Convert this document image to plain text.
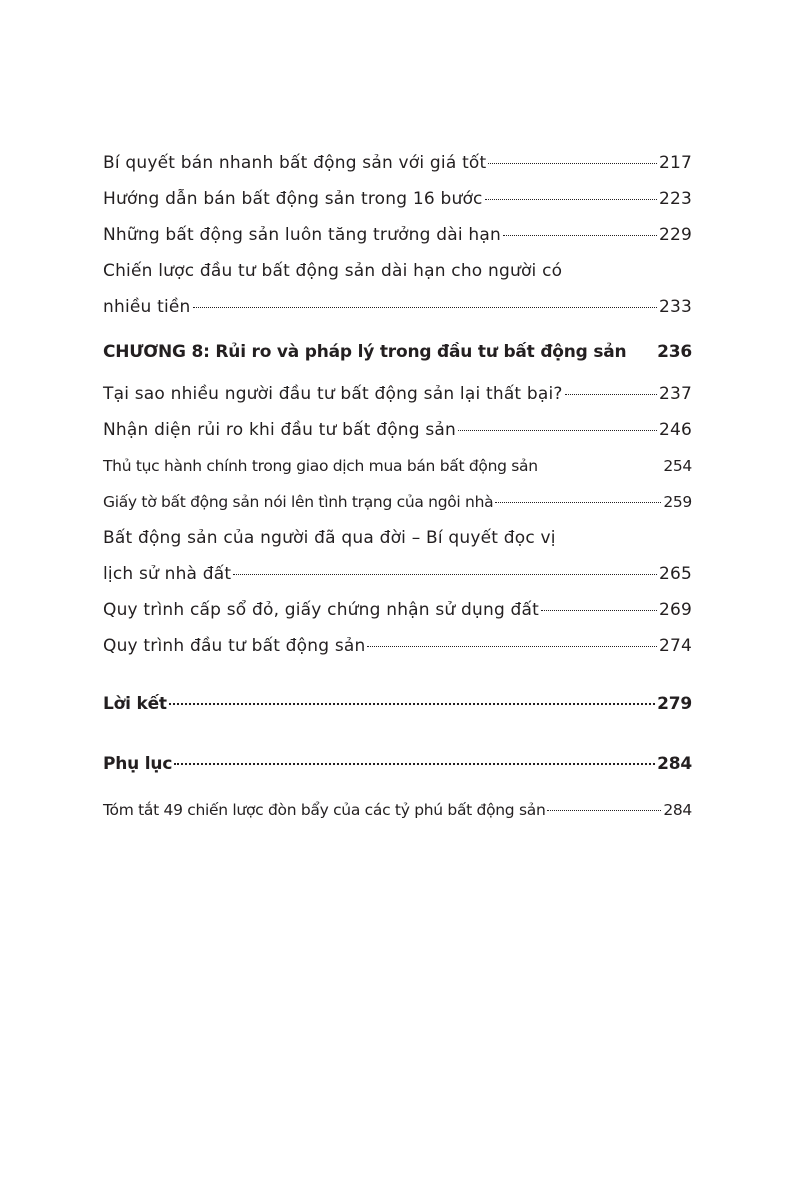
Bí quyết bán nhanh bất động sản với giá tốt	217
Hướng dẫn bán bất động sản trong 16 bước	223
Những bất động sản luôn tăng trưởng dài hạn	229
Chiến lược đầu tư bất động sản dài hạn cho người có
nhiều tiền	233
CHƯƠNG 8: Rủi ro và pháp lý trong đầu tư bất động sản 236
Tại sao nhiều người đầu tư bất động sản lại thất bại?	237
Nhận diện rủi ro khi đầu tư bất động sản	246
Thủ tục hành chính trong giao dịch mua bán bất động sản	254
Giấy tờ bất động sản nói lên tình trạng của ngôi nhà	259
Bất động sản của người đã qua đời – Bí quyết đọc vị
lịch sử nhà đất	265
Quy trình cấp sổ đỏ, giấy chứng nhận sử dụng đất	269
Quy trình đầu tư bất động sản	274
Lời kết	279
Phụ lục	284
Tóm tắt 49 chiến lược đòn bẩy của các tỷ phú bất động sản	284
